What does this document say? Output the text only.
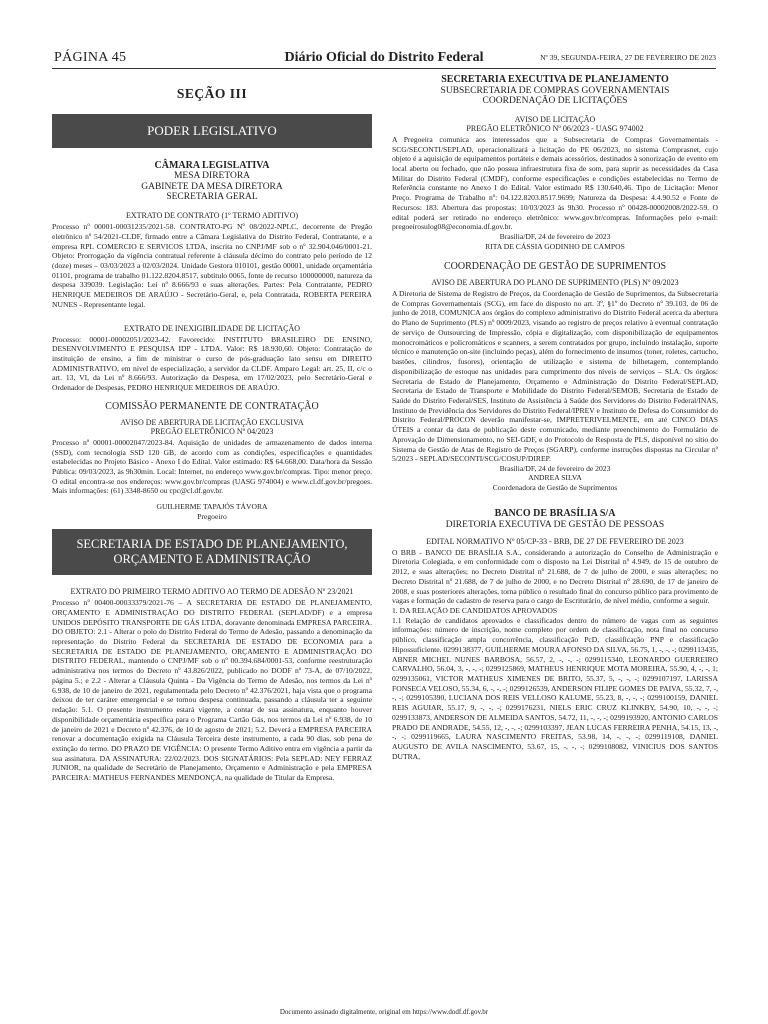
PÁGINA 45	Diário Oficial do Distrito Federal	Nº 39, SEGUNDA-FEIRA, 27 DE FEVEREIRO DE 2023
SEÇÃO III
PODER LEGISLATIVO
CÂMARA LEGISLATIVA
MESA DIRETORA
GABINETE DA MESA DIRETORA
SECRETARIA GERAL
EXTRATO DE CONTRATO (1º TERMO ADITIVO)

Processo nº 00001-00031235/2021-58. CONTRATO-PG Nº 08/2022-NPLC, decorrente de Pregão eletrônico nº 54/2021-CLDF, firmado entre a Câmara Legislativa do Distrito Federal, Contratante, e a empresa RPL COMERCIO E SERVICOS LTDA, inscrita no CNPJ/MF sob o nº 32.904.046/0001-21. Objeto: Prorrogação da vigência contratual referente à cláusula décimo do contrato pelo período de 12 (doze) meses – 03/03/2023 a 02/03/2024. Unidade Gestora 010101, gestão 00001, unidade orçamentária 01101, programa de trabalho 01.122.8204.8517, subtítulo 0065, fonte de recurso 100000000, natureza da despesa 339039. Legislação: Lei nº 8.666/93 e suas alterações. Partes: Pela Contratante, PEDRO HENRIQUE MEDEIROS DE ARAÚJO - Secretário-Geral, e, pela Contratada, ROBERTA PEREIRA NUNES - Representante legal.

EXTRATO DE INEXIGIBILIDADE DE LICITAÇÃO

Processo: 00001-00002051/2023-42. Favorecido: INSTITUTO BRASILEIRO DE ENSINO, DESENVOLVIMENTO E PESQUISA IDP - LTDA. Valor: R$ 18.930,60. Objeto: Contratação de instituição de ensino, a fim de ministrar o curso de pós-graduação lato sensu em DIREITO ADMINISTRATIVO, em nível de especialização, a servidor da CLDF. Amparo Legal: art. 25, II, c/c o art. 13, VI, da Lei nº 8.666/93. Autorização da Despesa, em 17/02/2023, pelo Secretário-Geral e Ordenador de Despesas, PEDRO HENRIQUE MEDEIROS DE ARAÚJO.

COMISSÃO PERMANENTE DE CONTRATAÇÃO
AVISO DE ABERTURA DE LICITAÇÃO EXCLUSIVA
PREGÃO ELETRÔNICO Nº 04/2023

Processo nº 00001-00002047/2023-84. Aquisição de unidades de armazenamento de dados interna (SSD), com tecnologia SSD 120 GB, de acordo com as condições, especificações e quantidades estabelecidas no Projeto Básico - Anexo I do Edital. Valor estimado: R$ 64.668,00. Data/hora da Sessão Pública: 09/03/2023, às 9h30min. Local: Internet, no endereço www.gov.br/compras. Tipo: menor preço. O edital encontra-se nos endereços: www.gov.br/compras (UASG 974004) e www.cl.df.gov.br/pregoes. Mais informações: (61) 3348-8650 ou cpc@cl.df.gov.br.

GUILHERME TAPAJÓS TÁVORA
Pregoeiro
SECRETARIA DE ESTADO DE PLANEJAMENTO, ORÇAMENTO E ADMINISTRAÇÃO
EXTRATO DO PRIMEIRO TERMO ADITIVO AO TERMO DE ADESÃO Nº 23/2021

Processo nº 00400-00033379/2021-76 – A SECRETARIA DE ESTADO DE PLANEJAMENTO, ORÇAMENTO E ADMINISTRAÇÃO DO DISTRITO FEDERAL (SEPLAD/DF) e a empresa UNIDOS DEPÓSITO TRANSPORTE DE GÁS LTDA, doravante denominada EMPRESA PARCEIRA. DO OBJETO: 2.1 - Alterar o polo do Distrito Federal do Termo de Adesão, passando a denominação da representação do Distrito Federal da SECRETARIA DE ESTADO DE ECONOMIA para a SECRETARIA DE ESTADO DE PLANEJAMENTO, ORÇAMENTO E ADMINISTRAÇÃO DO DISTRITO FEDERAL, mantendo o CNPJ/MF sob o nº 00.394.684/0001-53, conforme reestruturação administrativa nos termos do Decreto nº 43.826/2022, publicado no DODF nº 73-A, de 07/10/2022, página 5.; e 2.2 - Alterar a Cláusula Quinta - Da Vigência do Termo de Adesão, nos termos da Lei nº 6.938, de 10 de janeiro de 2021, regulamentada pelo Decreto nº 42.376/2021, haja vista que o programa deixou de ter caráter emergencial e se tornou despesa continuada, passando a cláusula ter a seguinte redação: 5.1. O presente instrumento estará vigente, a contar de sua assinatura, enquanto houver disponibilidade orçamentária específica para o Programa Cartão Gás, nos termos da Lei nº 6.938, de 10 de janeiro de 2021 e Decreto nº 42.376, de 10 de agosto de 2021; 5.2. Deverá a EMPRESA PARCEIRA renovar a documentação exigida na Cláusula Terceira deste instrumento, a cada 90 dias, sob pena de extinção do termo. DO PRAZO DE VIGÊNCIA: O presente Termo Aditivo entra em vigência a partir da sua assinatura. DA ASSINATURA: 22/02/2023. DOS SIGNATÁRIOS: Pela SEPLAD: NEY FERRAZ JUNIOR, na qualidade de Secretário de Planejamento, Orçamento e Administração e pela EMPRESA PARCEIRA: MATHEUS FERNANDES MENDONÇA, na qualidade de Titular da Empresa.

SECRETARIA EXECUTIVA DE PLANEJAMENTO
SUBSECRETARIA DE COMPRAS GOVERNAMENTAIS
COORDENAÇÃO DE LICITAÇÕES
AVISO DE LICITAÇÃO
PREGÃO ELETRÔNICO Nº 06/2023 - UASG 974002

A Pregoeira comunica aos interessados que a Subsecretaria de Compras Governamentais - SCG/SECONTI/SEPLAD, operacionalizará a licitação do PE 06/2023, no sistema Comprasnet, cujo objeto é a aquisição de equipamentos portáteis e demais acessórios, destinados à sonorização de evento em local aberto ou fechado, que não possua infraestrutura fixa de som, para suprir as necessidades da Casa Militar do Distrito Federal (CMDF), conforme especificações e condições estabelecidas no Termo de Referência constante no Anexo I do Edital. Valor estimado R$ 130.640,46. Tipo de Licitação: Menor Preço. Programa de Trabalho nº: 04.122.8203.8517.9699; Natureza da Despesa: 4.4.90.52 e Fonte de Recursos: 183. Abertura das propostas: 10/03/2023 às 9h30. Processo nº 00428-00002008/2022-59. O edital poderá ser retirado no endereço eletrônico: www.gov.br/compras. Informações pelo e-mail: pregoeirosulog08@economia.df.gov.br.

Brasília/DF, 24 de fevereiro de 2023
RITA DE CÁSSIA GODINHO DE CAMPOS
COORDENAÇÃO DE GESTÃO DE SUPRIMENTOS
AVISO DE ABERTURA DO PLANO DE SUPRIMENTO (PLS) Nº 09/2023

A Diretoria de Sistema de Registro de Preços, da Coordenação de Gestão de Suprimentos, da Subsecretaria de Compras Governamentais (SCG), em face do disposto no art. 3º, §1º do Decreto nº 39.103, de 06 de junho de 2018, COMUNICA aos órgãos do complexo administrativo do Distrito Federal acerca da abertura do Plano de Suprimento (PLS) nº 0009/2023, visando ao registro de preços relativo à eventual contratação de serviço de Outsourcing de Impressão, cópia e digitalização, com disponibilização de equipamentos monocromáticos e policromáticos e scanners, a serem contratados por grupo, incluindo instalação, suporte técnico e manutenção on-site (incluindo peças), além do fornecimento de insumos (toner, roletes, cartucho, bastões, cilindros, fusores), orientação de utilização e sistema de bilhetagem, contemplando disponibilização de estoque nas unidades para cumprimento dos níveis de serviços – SLA. Os órgãos: Secretaria de Estado de Planejamento, Orçamento e Administração do Distrito Federal/SEPLAD, Secretaria de Estado de Transporte e Mobilidade do Distrito Federal/SEMOB, Secretaria de Estado de Saúde do Distrito Federal/SES, Instituto de Assistência à Saúde dos Servidores do Distrito Federal/INAS, Instituto de Previdência dos Servidores do Distrito Federal/IPREV e Instituto de Defesa do Consumidor do Distrito Federal/PROCON deverão manifestar-se, IMPRETERIVELMENTE, em até CINCO DIAS ÚTEIS a contar da data de publicação deste comunicado, mediante preenchimento do Formulário de Aprovação de Dimensionamento, no SEI-GDF, e do Protocolo de Resposta de PLS, disponível no sítio do Sistema de Gestão de Atas de Registro de Preços (SGARP), conforme instruções dispostas na Circular nº 5/2023 - SEPLAD/SECONTI/SCG/COSUP/DIREP.

Brasília/DF, 24 de fevereiro de 2023
ANDREA SILVA
Coordenadora de Gestão de Suprimentos
BANCO DE BRASÍLIA S/A
DIRETORIA EXECUTIVA DE GESTÃO DE PESSOAS
EDITAL NORMATIVO Nº 05/CP-33 - BRB, DE 27 DE FEVEREIRO DE 2023

O BRB - BANCO DE BRASÍLIA S.A., considerando a autorização do Conselho de Administração e Diretoria Colegiada, e em conformidade com o disposto na Lei Distrital nº 4.949, de 15 de outubro de 2012, e suas alterações; no Decreto Distrital nº 21.688, de 7 de julho de 2000, e suas alterações; no Decreto Distrital nº 21.688, de 7 de julho de 2000, e no Decreto Distrital nº 28.690, de 17 de janeiro de 2008, e suas posteriores alterações, torna público o resultado final do concurso público para provimento de vagas e formação de cadastro de reserva para o cargo de Escriturário, de nível médio, conforme a seguir.

1. DA RELAÇÃO DE CANDIDATOS APROVADOS

1.1 Relação de candidatos aprovados e classificados dentro do número de vagas com as seguintes informações: número de inscrição, nome completo por ordem de classificação, nota final no concurso público, classificação ampla concorrência, classificação PcD, classificação PNP e classificação Hipossuficiente. 0299138377, GUILHERME MOURA AFONSO DA SILVA, 56.75, 1, -, -, -; 0299113435, ABNER MICHEL NUNES BARBOSA, 56.57, 2, -, -, -; 0299115340, LEONARDO GUERREIRO CARVALHO, 56.04, 3, -, -, -; 0299125869, MATHEUS HENRIQUE MOTA MOREIRA, 55.90, 4, -, -, 1; 0299135061, VICTOR MATHEUS XIMENES DE BRITO, 55.37, 5, -, -, -; 0299107197, LARISSA FONSECA VELOSO, 55.34, 6, -, -, -; 0299126539, ANDERSON FILIPE GOMES DE PAIVA, 55.32, 7, -, -, -; 0299105390, LUCIANA DOS REIS VELLOSO KALUME, 55.23, 8, -, -, -; 0299100159, DANIEL REIS AGUIAR, 55.17, 9, -, -, -; 0299176231, NIELS ERIC CRUZ KLINKBY, 54.90, 10, -, -, -; 0299133873, ANDERSON DE ALMEIDA SANTOS, 54.72, 11, -, -, -; 0299193920, ANTONIO CARLOS PRADO DE ANDRADE, 54.55, 12, -, -, -; 0299103397, JEAN LUCAS FERREIRA PENHA, 54.15, 13, -, -, -; 0299119665, LAURA NASCIMENTO FREITAS, 53.98, 14, -, -, -; 0299119108, DANIEL AUGUSTO DE AVILA NASCIMENTO, 53.67, 15, -, -, -; 0299108082, VINICIUS DOS SANTOS DUTRA,

Documento assinado digitalmente, original em https://www.dodf.df.gov.br
